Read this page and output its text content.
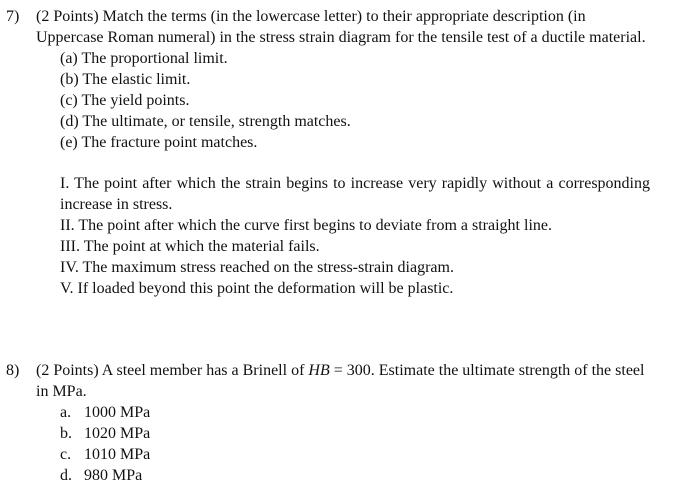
7) (2 Points) Match the terms (in the lowercase letter) to their appropriate description (in Uppercase Roman numeral) in the stress strain diagram for the tensile test of a ductile material.
(a) The proportional limit.
(b) The elastic limit.
(c) The yield points.
(d) The ultimate, or tensile, strength matches.
(e) The fracture point matches.
I. The point after which the strain begins to increase very rapidly without a corresponding increase in stress.
II. The point after which the curve first begins to deviate from a straight line.
III. The point at which the material fails.
IV. The maximum stress reached on the stress-strain diagram.
V. If loaded beyond this point the deformation will be plastic.
8) (2 Points) A steel member has a Brinell of HB = 300. Estimate the ultimate strength of the steel in MPa.
a. 1000 MPa
b. 1020 MPa
c. 1010 MPa
d. 980 MPa
